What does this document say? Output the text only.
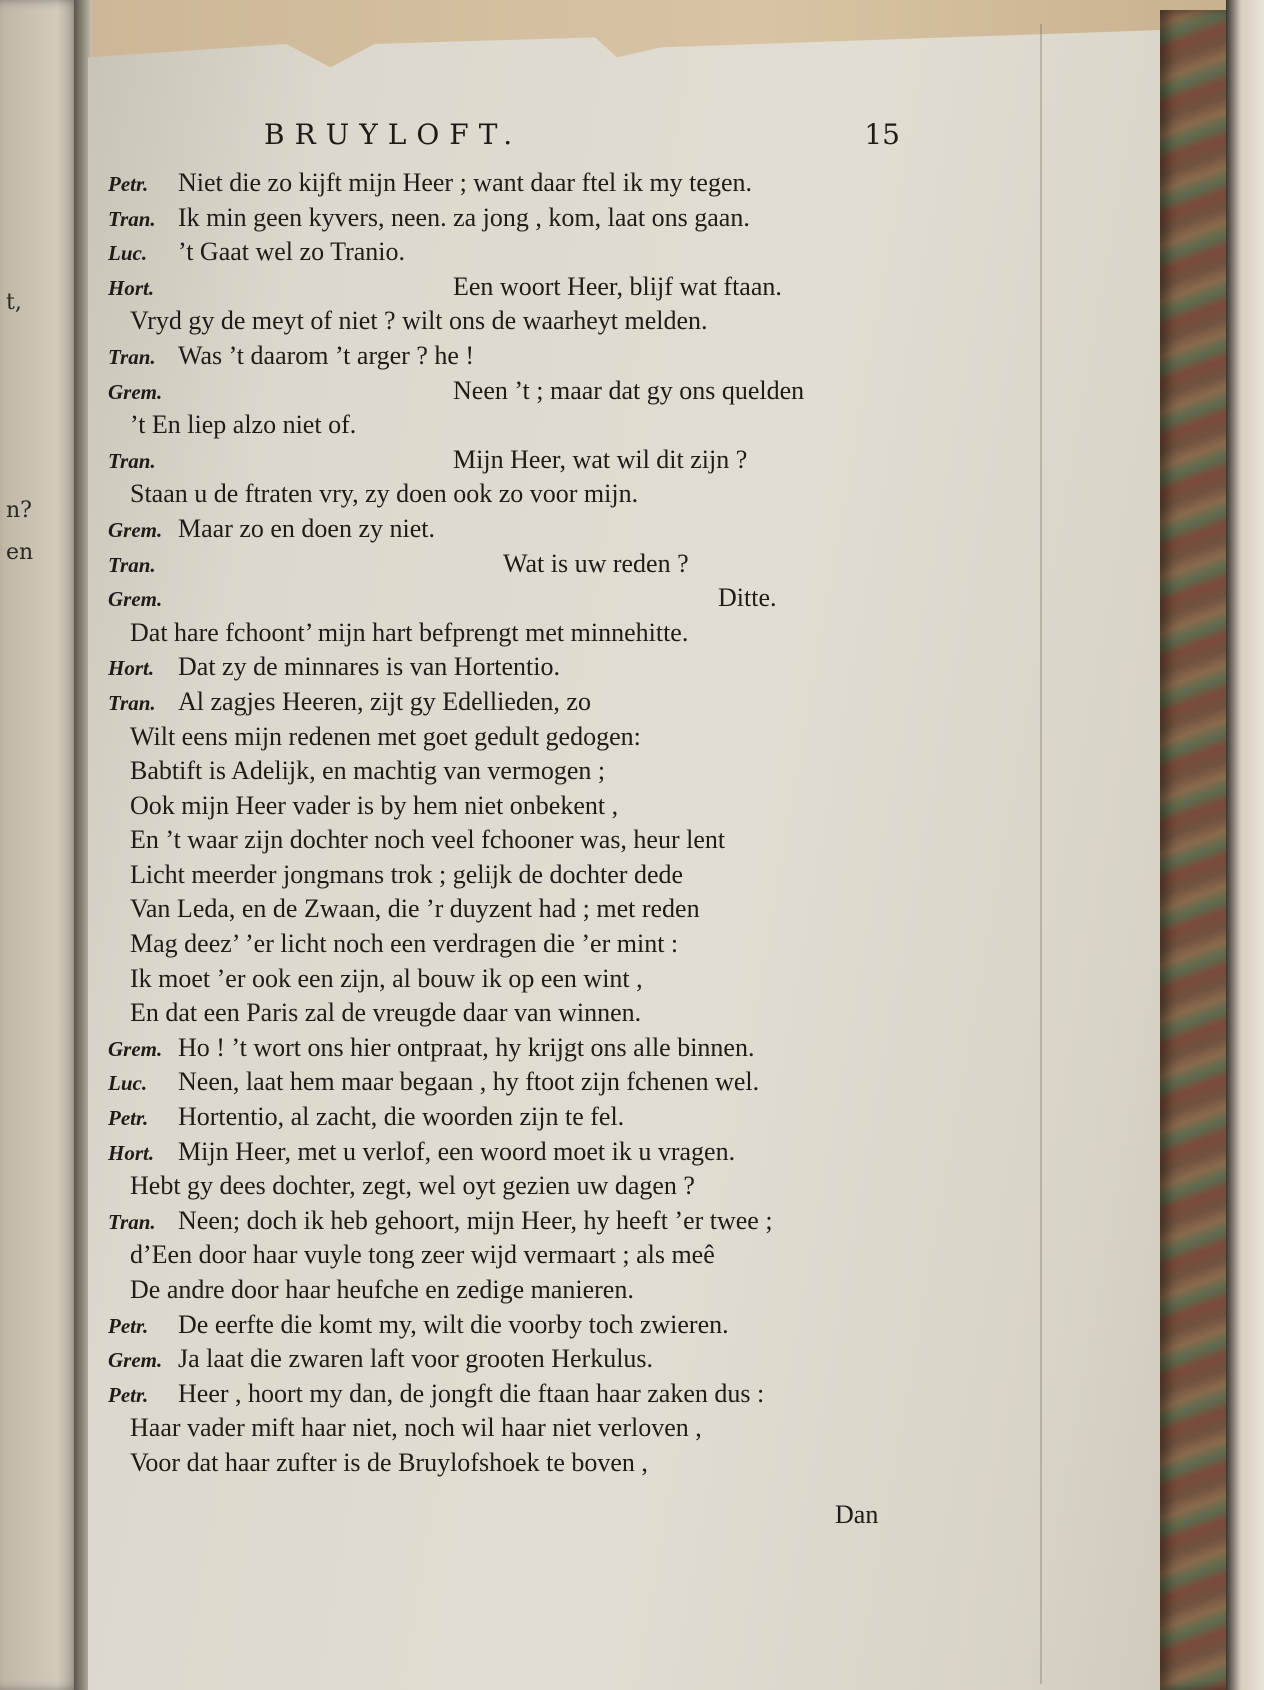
t,
n?
en
BRUYLOFT.	15
Petr. Niet die zo kijft mijn Heer ; want daar ftel ik my tegen.
Tran. Ik min geen kyvers, neen. za jong , kom, laat ons gaan.
Luc. ’t Gaat wel zo Tranio.
Hort.	Een woort Heer, blijf wat ftaan.
Vryd gy de meyt of niet ? wilt ons de waarheyt melden.
Tran. Was ’t daarom ’t arger ? he !
Grem.	Neen ’t ; maar dat gy ons quelden
’t En liep alzo niet of.
Tran.	Mijn Heer, wat wil dit zijn ?
Staan u de ftraten vry, zy doen ook zo voor mijn.
Grem. Maar zo en doen zy niet.
Tran.	Wat is uw reden ?
Grem.	Ditte.
Dat hare fchoont’ mijn hart befprengt met minnehitte.
Hort. Dat zy de minnares is van Hortentio.
Tran. Al zagjes Heeren, zijt gy Edellieden, zo
Wilt eens mijn redenen met goet gedult gedogen:
Babtift is Adelijk, en machtig van vermogen ;
Ook mijn Heer vader is by hem niet onbekent ,
En ’t waar zijn dochter noch veel fchooner was, heur lent
Licht meerder jongmans trok ; gelijk de dochter dede
Van Leda, en de Zwaan, die ’r duyzent had ; met reden
Mag deez’ ’er licht noch een verdragen die ’er mint :
Ik moet ’er ook een zijn, al bouw ik op een wint ,
En dat een Paris zal de vreugde daar van winnen.
Grem. Ho ! ’t wort ons hier ontpraat, hy krijgt ons alle binnen.
Luc. Neen, laat hem maar begaan , hy ftoot zijn fchenen wel.
Petr. Hortentio, al zacht, die woorden zijn te fel.
Hort. Mijn Heer, met u verlof, een woord moet ik u vragen.
Hebt gy dees dochter, zegt, wel oyt gezien uw dagen ?
Tran. Neen; doch ik heb gehoort, mijn Heer, hy heeft ’er twee ;
d’Een door haar vuyle tong zeer wijd vermaart ; als meê
De andre door haar heufche en zedige manieren.
Petr. De eerfte die komt my, wilt die voorby toch zwieren.
Grem. Ja laat die zwaren laft voor grooten Herkulus.
Petr. Heer , hoort my dan, de jongft die ftaan haar zaken dus :
Haar vader mift haar niet, noch wil haar niet verloven ,
Voor dat haar zufter is de Bruylofshoek te boven ,
Dan
